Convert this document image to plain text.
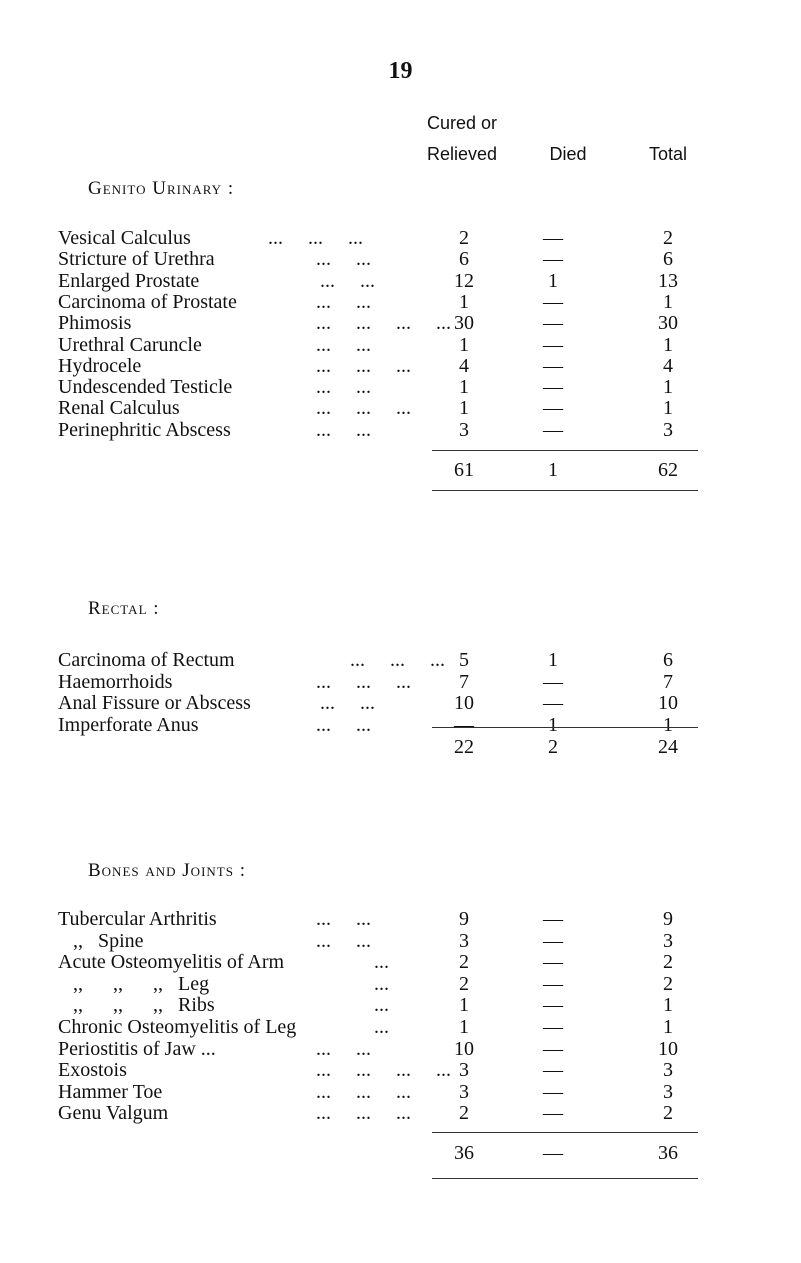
19
Cured or
Relieved	Died	Total
Genito Urinary :
Vesical Calculus	...     ...     ...	2	—	2
Stricture of Urethra	...     ...	6	—	6
Enlarged Prostate	...     ...	12	1	13
Carcinoma of Prostate	...     ...	1	—	1
Phimosis	...     ...     ...     ... 30	—	30
Urethral Caruncle	...     ...	1	—	1
Hydrocele	...     ...     ...	4	—	4
Undescended Testicle	...     ...	1	—	1
Renal Calculus	...     ...     ...	1	—	1
Perinephritic Abscess	...     ...	3	—	3
61	1	62
Rectal :
Carcinoma of Rectum	...     ...     ... 5	1	6
Haemorrhoids	...     ...     ...	7	—	7
Anal Fissure or Abscess	...     ...	10	—	10
Imperforate Anus	...     ...	—	1	1
22	2	24
Bones and Joints :
Tubercular Arthritis	...     ...	9	—	9
,,   Spine	...     ...	3	—	3
Acute Osteomyelitis of Arm	...	2	—	2
,,      ,,      ,,   Leg	...	2	—	2
,,      ,,      ,,   Ribs	...	1	—	1
Chronic Osteomyelitis of Leg	...	1	—	1
Periostitis of Jaw ...	...     ...	10	—	10
Exostois	...     ...     ...     ... 3	—	3
Hammer Toe	...     ...     ...	3	—	3
Genu Valgum	...     ...     ...	2	—	2
36	—	36
